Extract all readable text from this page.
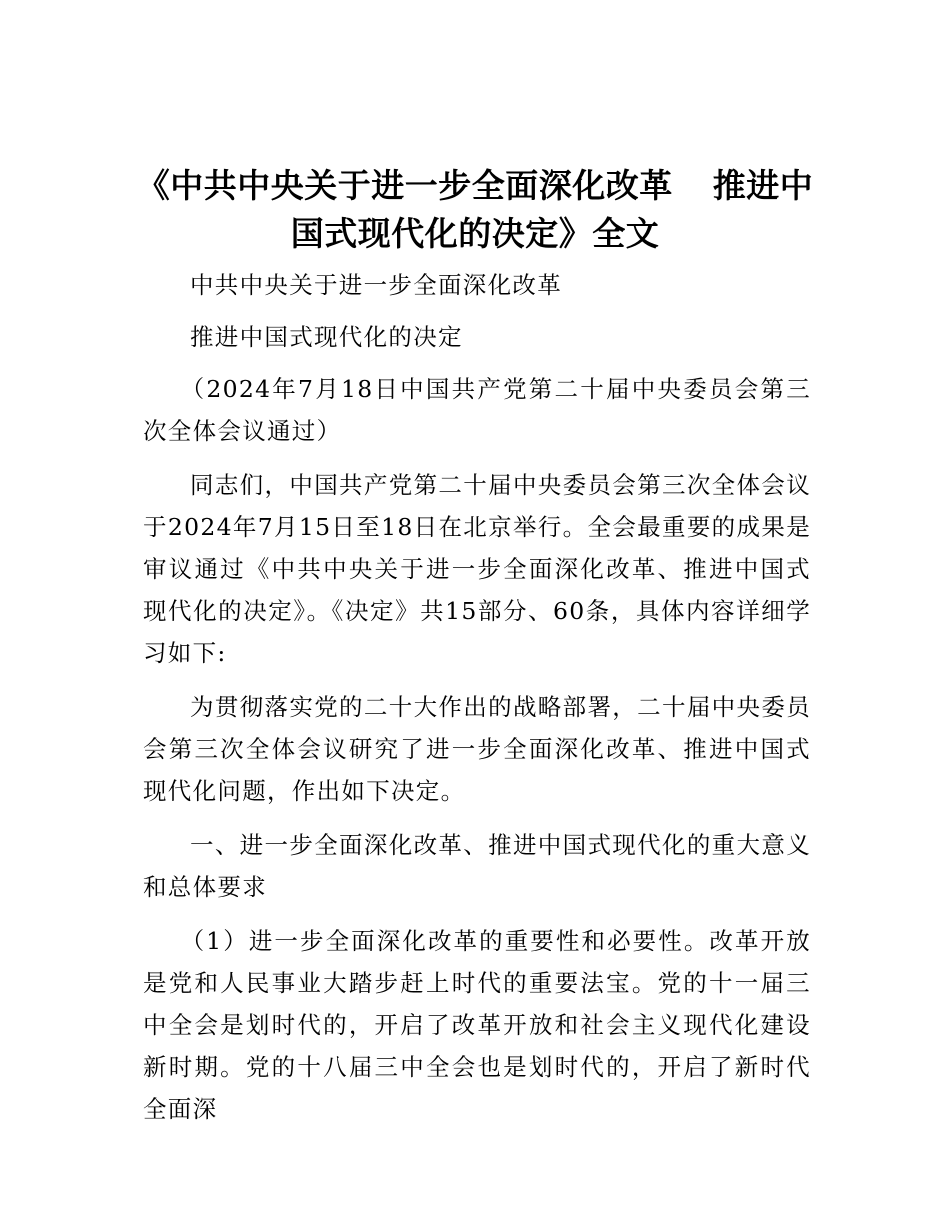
《中共中央关于进一步全面深化改革 推进中
国式现代化的决定》全文

中共中央关于进一步全面深化改革

推进中国式现代化的决定

（2024年7月18日中国共产党第二十届中央委员会第三次全体会议通过）

同志们，中国共产党第二十届中央委员会第三次全体会议于2024年7月15日至18日在北京举行。全会最重要的成果是审议通过《中共中央关于进一步全面深化改革、推进中国式现代化的决定》。《决定》共15部分、60条，具体内容详细学习如下:

为贯彻落实党的二十大作出的战略部署，二十届中央委员会第三次全体会议研究了进一步全面深化改革、推进中国式现代化问题，作出如下决定。

一、进一步全面深化改革、推进中国式现代化的重大意义和总体要求

（1）进一步全面深化改革的重要性和必要性。改革开放是党和人民事业大踏步赶上时代的重要法宝。党的十一届三中全会是划时代的，开启了改革开放和社会主义现代化建设新时期。党的十八届三中全会也是划时代的，开启了新时代全面深
